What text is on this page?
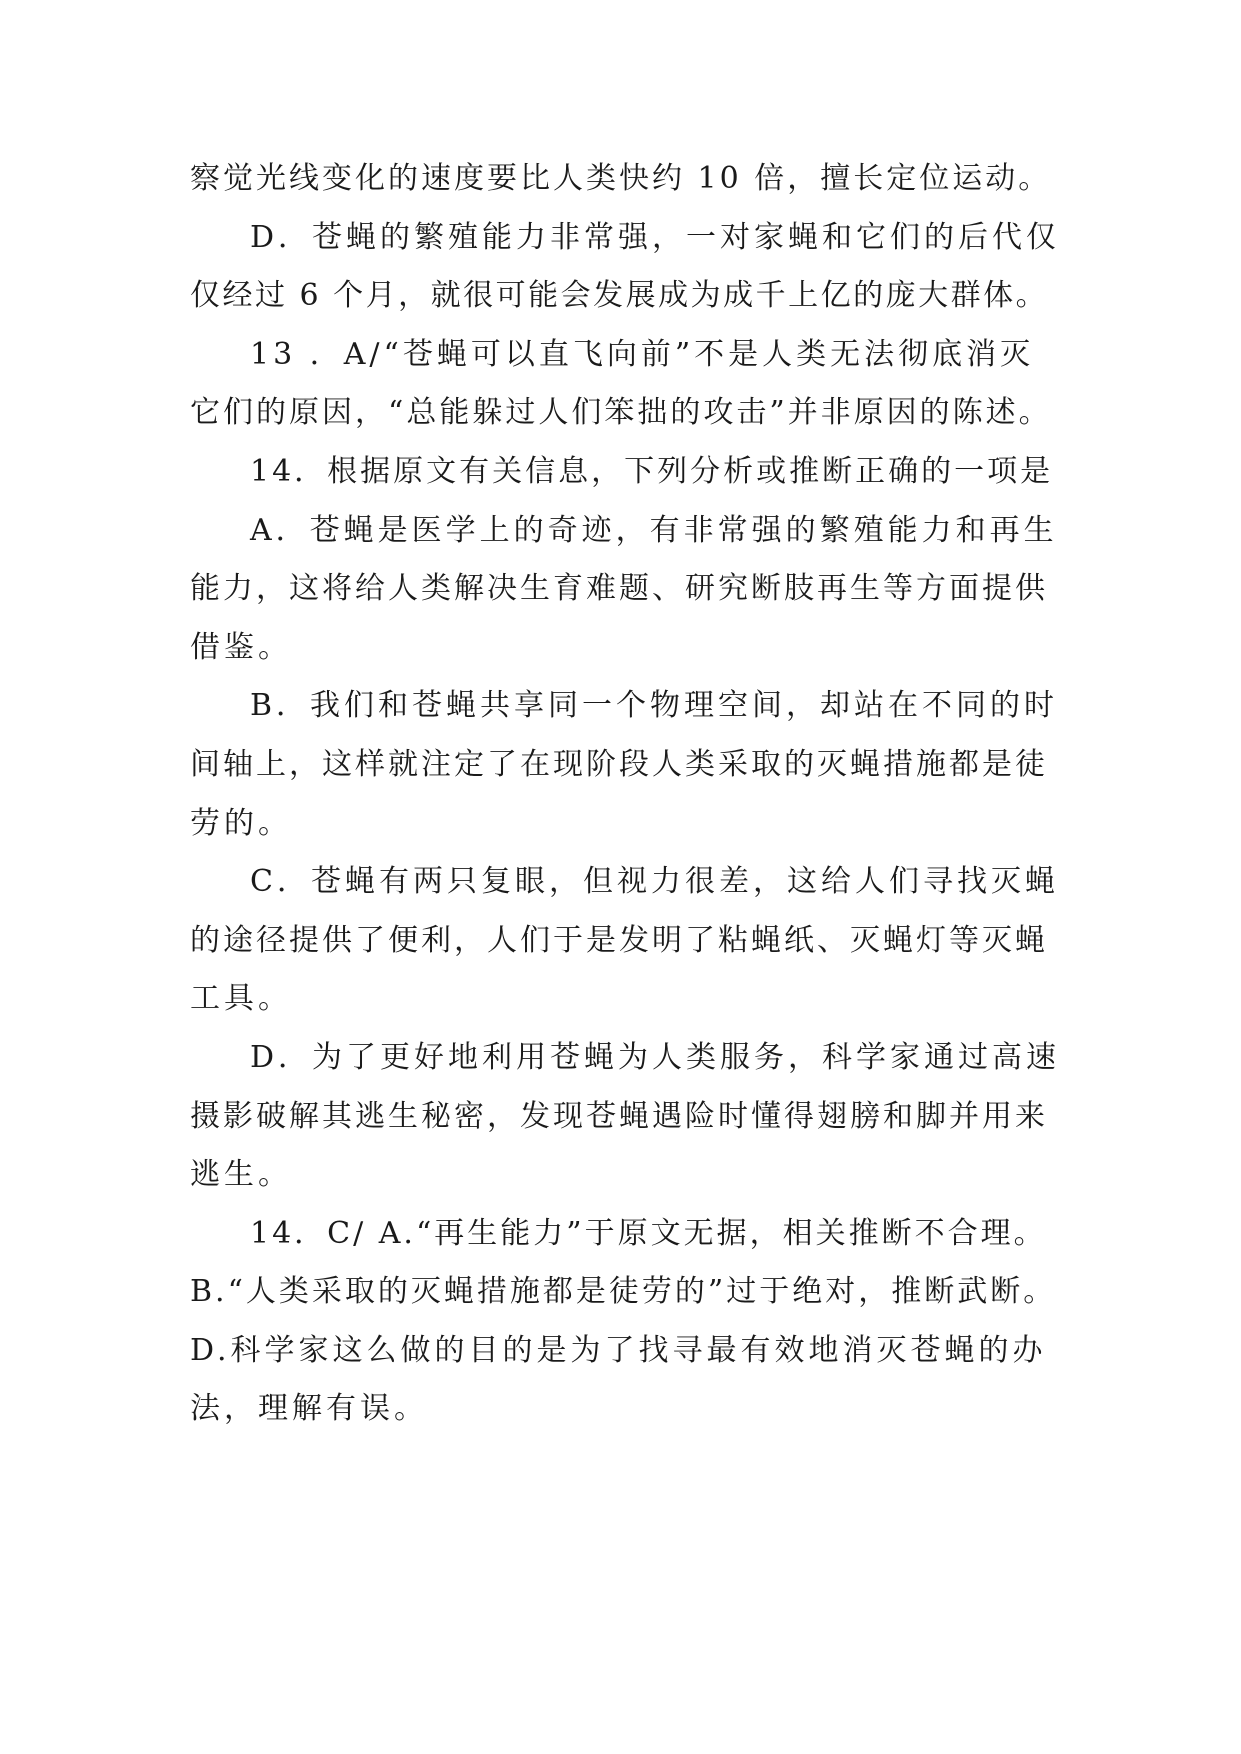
察觉光线变化的速度要比人类快约 10 倍，擅长定位运动。
D．苍蝇的繁殖能力非常强，一对家蝇和它们的后代仅
仅经过 6 个月，就很可能会发展成为成千上亿的庞大群体。
13 ．A/“苍蝇可以直飞向前”不是人类无法彻底消灭
它们的原因，“总能躲过人们笨拙的攻击”并非原因的陈述。
14．根据原文有关信息，下列分析或推断正确的一项是
A．苍蝇是医学上的奇迹，有非常强的繁殖能力和再生
能力，这将给人类解决生育难题、研究断肢再生等方面提供
借鉴。
B．我们和苍蝇共享同一个物理空间，却站在不同的时
间轴上，这样就注定了在现阶段人类采取的灭蝇措施都是徒
劳的。
C．苍蝇有两只复眼，但视力很差，这给人们寻找灭蝇
的途径提供了便利，人们于是发明了粘蝇纸、灭蝇灯等灭蝇
工具。
D．为了更好地利用苍蝇为人类服务，科学家通过高速
摄影破解其逃生秘密，发现苍蝇遇险时懂得翅膀和脚并用来
逃生。
14．C/ A.“再生能力”于原文无据，相关推断不合理。
B.“人类采取的灭蝇措施都是徒劳的”过于绝对，推断武断。
D.科学家这么做的目的是为了找寻最有效地消灭苍蝇的办
法，理解有误。
